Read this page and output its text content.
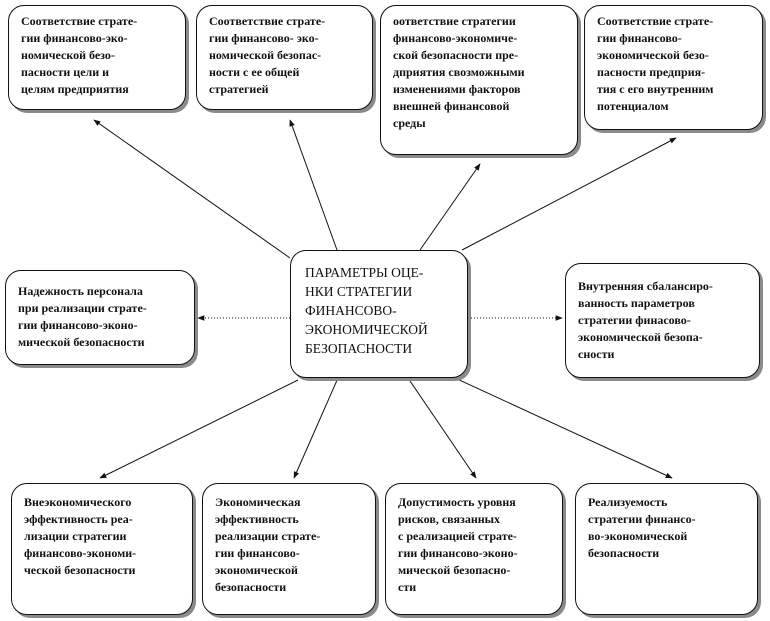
Соответствие страте-
гии финансово-эко-
номической безо-
пасности цели и
целям предприятия
Соответствие страте-
гии финансово- эко-
номической безопас-
ности с ее общей
стратегией
оответствие стратегии
финансово-экономиче-
ской безопасности пре-
дприятия свозможными
изменениями факторов
внешней финансовой
среды
Соответствие страте-
гии финансово-
экономической безо-
пасности предприя-
тия с его внутренним
потенциалом
Надежность персонала
при реализации страте-
гии финансово-эконо-
мической безопасности
ПАРАМЕТРЫ ОЦЕ-
НКИ СТРАТЕГИИ
ФИНАНСОВО-
ЭКОНОМИЧЕСКОЙ
БЕЗОПАСНОСТИ
Внутренняя сбалансиро-
ванность параметров
стратегии финасово-
экономической безопа-
сности
Внеэкономического
эффективность реа-
лизации стратегии
финансово-экономи-
ческой безопасности
Экономическая
эффективность
реализации страте-
гии финансово-
экономической
безопасности
Допустимость уровня
рисков, связанных
с реализацией страте-
гии финансово-эконо-
мической безопасно-
сти
Реализуемость
стратегии финансо-
во-экономической
безопасности
